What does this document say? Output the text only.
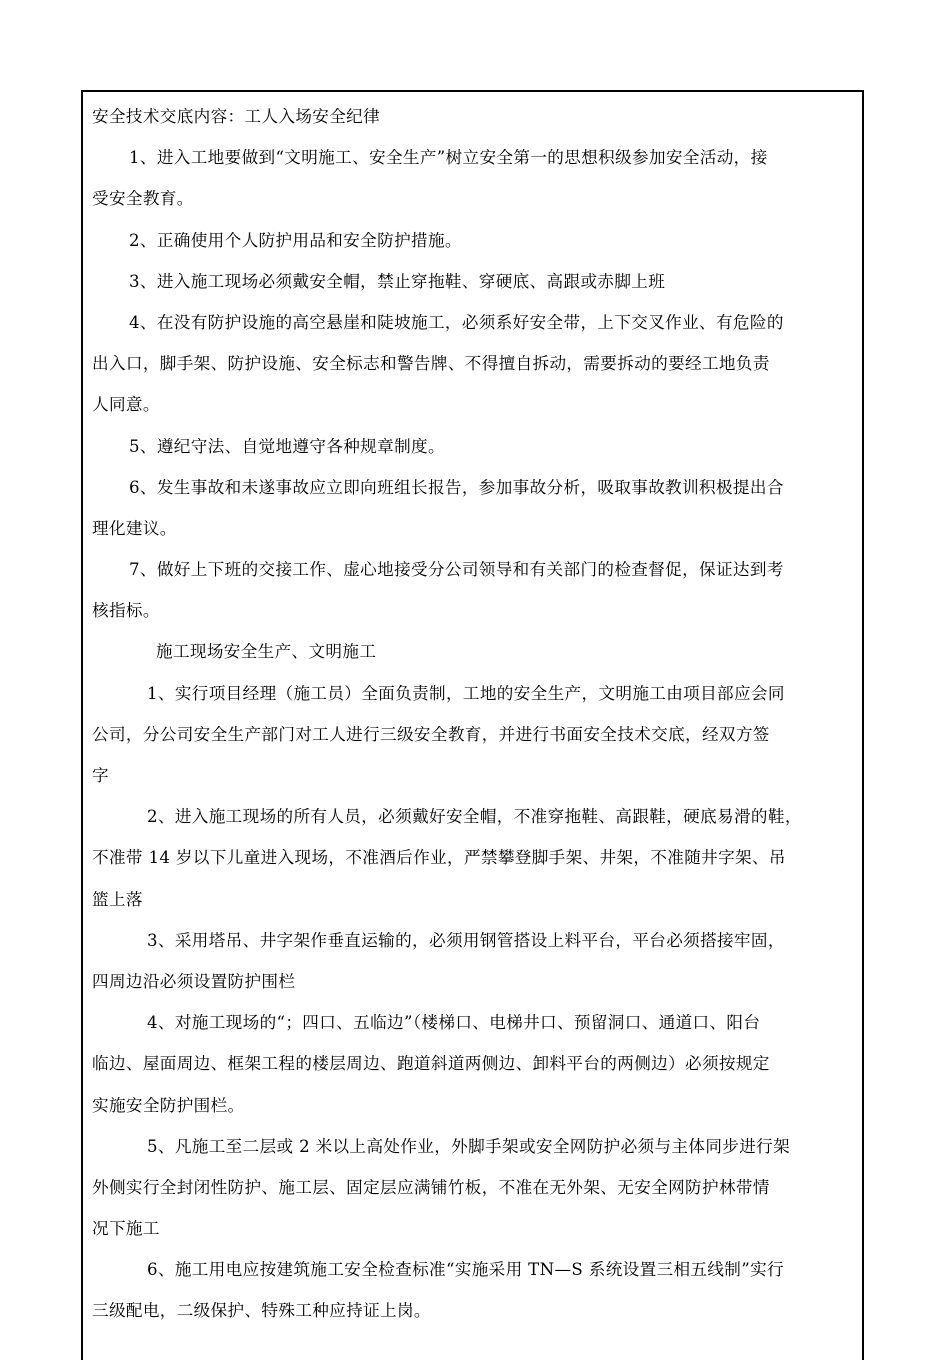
安全技术交底内容：工人入场安全纪律
1、进入工地要做到“文明施工、安全生产”树立安全第一的思想积级参加安全活动，接
受安全教育。
2、正确使用个人防护用品和安全防护措施。
3、进入施工现场必须戴安全帽，禁止穿拖鞋、穿硬底、高跟或赤脚上班
4、在没有防护设施的高空悬崖和陡坡施工，必须系好安全带，上下交叉作业、有危险的
出入口，脚手架、防护设施、安全标志和警告牌、不得擅自拆动，需要拆动的要经工地负责
人同意。
5、遵纪守法、自觉地遵守各种规章制度。
6、发生事故和未遂事故应立即向班组长报告，参加事故分析，吸取事故教训积极提出合
理化建议。
7、做好上下班的交接工作、虚心地接受分公司领导和有关部门的检查督促，保证达到考
核指标。
施工现场安全生产、文明施工
1、实行项目经理（施工员）全面负责制，工地的安全生产，文明施工由项目部应会同
公司，分公司安全生产部门对工人进行三级安全教育，并进行书面安全技术交底，经双方签
字
2、进入施工现场的所有人员，必须戴好安全帽，不准穿拖鞋、高跟鞋，硬底易滑的鞋，
不准带 14 岁以下儿童进入现场，不准酒后作业，严禁攀登脚手架、井架，不准随井字架、吊
篮上落
3、采用塔吊、井字架作垂直运输的，必须用钢管搭设上料平台，平台必须搭接牢固，
四周边沿必须设置防护围栏
4、对施工现场的“；四口、五临边”（楼梯口、电梯井口、预留洞口、通道口、阳台
临边、屋面周边、框架工程的楼层周边、跑道斜道两侧边、卸料平台的两侧边）必须按规定
实施安全防护围栏。
5、凡施工至二层或 2 米以上高处作业，外脚手架或安全网防护必须与主体同步进行架
外侧实行全封闭性防护、施工层、固定层应满铺竹板，不准在无外架、无安全网防护林带情
况下施工
6、施工用电应按建筑施工安全检查标准“实施采用 TN—S 系统设置三相五线制”实行
三级配电，二级保护、特殊工种应持证上岗。
